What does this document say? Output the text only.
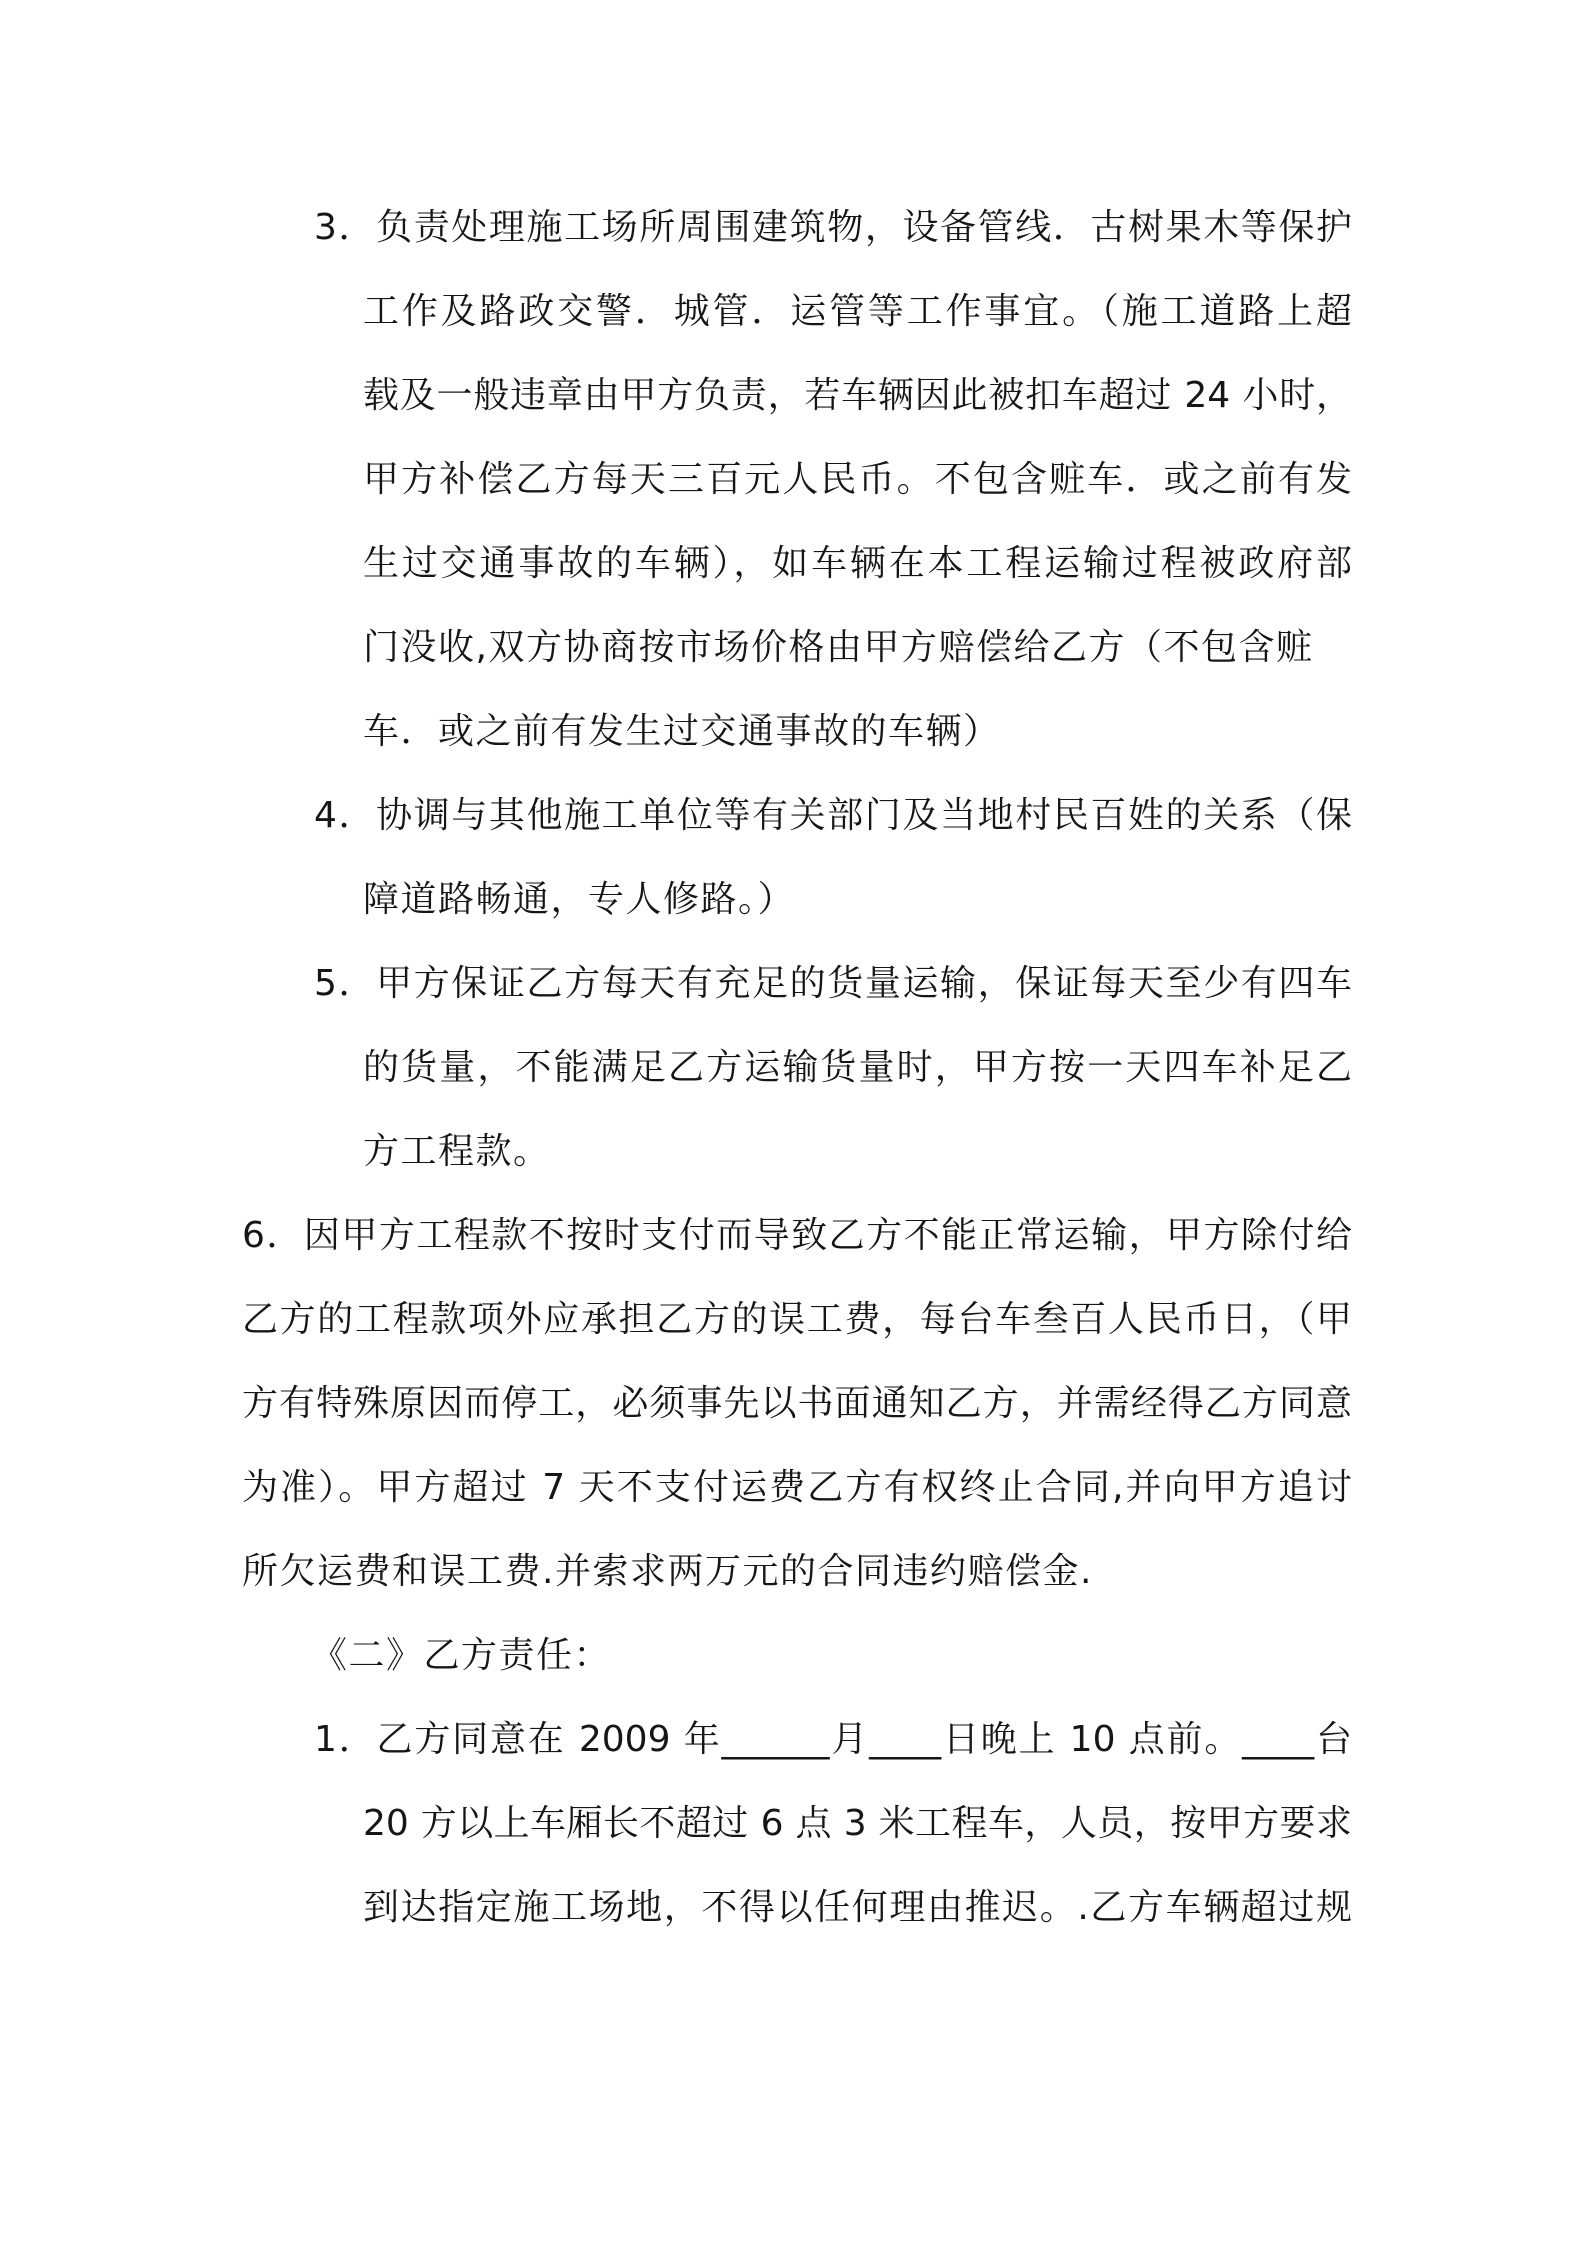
3．负责处理施工场所周围建筑物，设备管线．古树果木等保护
工作及路政交警．城管．运管等工作事宜。（施工道路上超
载及一般违章由甲方负责，若车辆因此被扣车超过 24 小时，
甲方补偿乙方每天三百元人民币。不包含赃车．或之前有发
生过交通事故的车辆），如车辆在本工程运输过程被政府部
门没收,双方协商按市场价格由甲方赔偿给乙方（不包含赃
车．或之前有发生过交通事故的车辆）
4．协调与其他施工单位等有关部门及当地村民百姓的关系（保
障道路畅通，专人修路。）
5．甲方保证乙方每天有充足的货量运输，保证每天至少有四车
的货量，不能满足乙方运输货量时，甲方按一天四车补足乙
方工程款。
6．因甲方工程款不按时支付而导致乙方不能正常运输，甲方除付给
乙方的工程款项外应承担乙方的误工费，每台车叁百人民币日，（甲
方有特殊原因而停工，必须事先以书面通知乙方，并需经得乙方同意
为准）。甲方超过 7 天不支付运费乙方有权终止合同,并向甲方追讨
所欠运费和误工费.并索求两万元的合同违约赔偿金.
《二》乙方责任：
1．乙方同意在 2009 年______月____日晚上 10 点前。____台
20 方以上车厢长不超过 6 点 3 米工程车，人员，按甲方要求
到达指定施工场地，不得以任何理由推迟。.乙方车辆超过规
